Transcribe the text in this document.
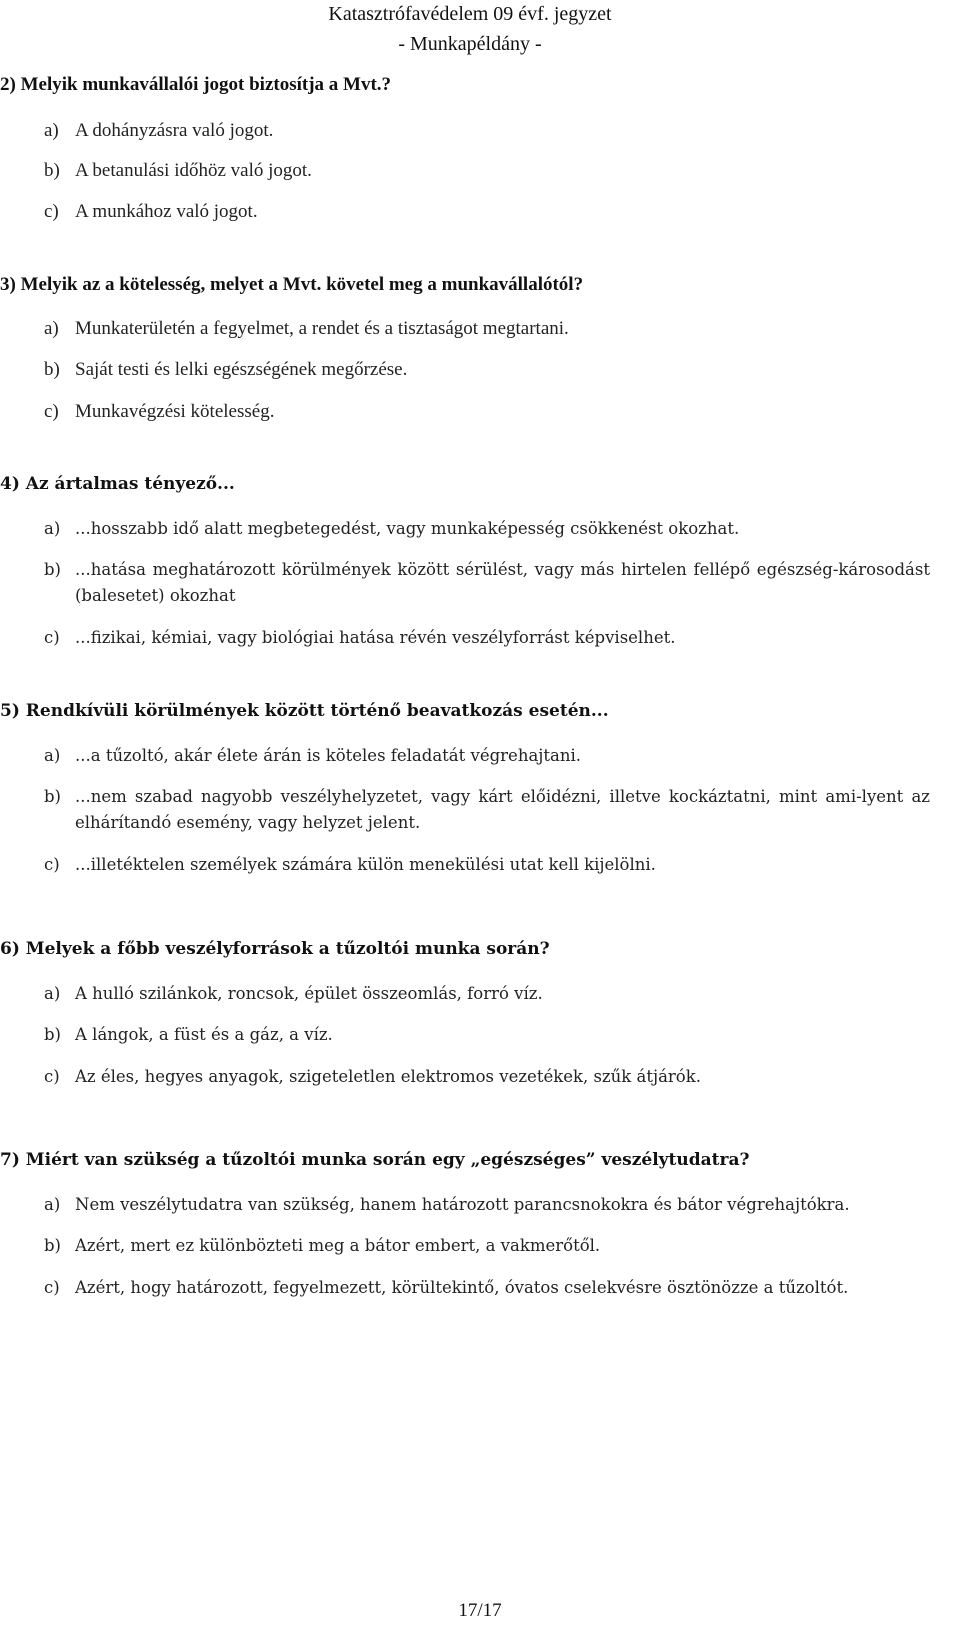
Katasztrófavédelem 09 évf. jegyzet
- Munkapéldány -
2) Melyik munkavállalói jogot biztosítja a Mvt.?
a) A dohányzásra való jogot.
b) A betanulási időhöz való jogot.
c) A munkához való jogot.
3) Melyik az a kötelesség, melyet a Mvt. követel meg a munkavállalótól?
a) Munkaterületén a fegyelmet, a rendet és a tisztaságot megtartani.
b) Saját testi és lelki egészségének megőrzése.
c) Munkavégzési kötelesség.
4) Az ártalmas tényező...
a) ...hosszabb idő alatt megbetegedést, vagy munkaképesség csökkenést okozhat.
b) ...hatása meghatározott körülmények között sérülést, vagy más hirtelen fellépő egészség-károsodást (balesetet) okozhat
c) ...fizikai, kémiai, vagy biológiai hatása révén veszélyforrást képviselhet.
5) Rendkívüli körülmények között történő beavatkozás esetén...
a) ...a tűzoltó, akár élete árán is köteles feladatát végrehajtani.
b) ...nem szabad nagyobb veszélyhelyzetet, vagy kárt előidézni, illetve kockáztatni, mint ami-lyent az elhárítandó esemény, vagy helyzet jelent.
c) ...illetéktelen személyek számára külön menekülési utat kell kijelölni.
6) Melyek a főbb veszélyforrások a tűzoltói munka során?
a) A hulló szilánkok, roncsok, épület összeomlás, forró víz.
b) A lángok, a füst és a gáz, a víz.
c) Az éles, hegyes anyagok, szigeteletlen elektromos vezetékek, szűk átjárók.
7) Miért van szükség a tűzoltói munka során egy „egészséges” veszélytudatra?
a) Nem veszélytudatra van szükség, hanem határozott parancsnokokra és bátor végrehajtókra.
b) Azért, mert ez különbözteti meg a bátor embert, a vakmerőtől.
c) Azért, hogy határozott, fegyelmezett, körültekintő, óvatos cselekvésre ösztönözze a tűzoltót.
17/17
